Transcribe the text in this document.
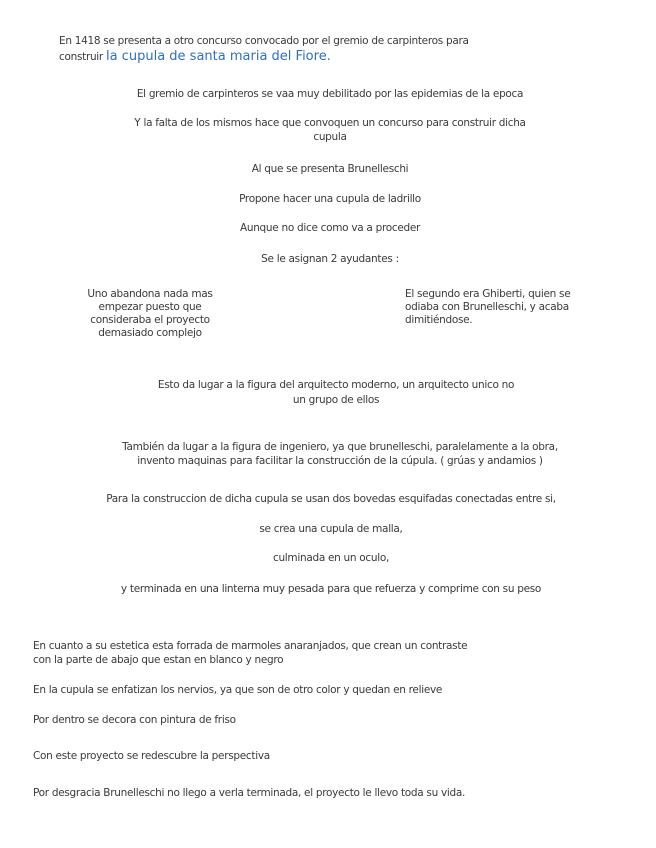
En 1418 se presenta a otro concurso convocado por el gremio de carpinteros para
construir la cupula de santa maria del Fiore.
El gremio de carpinteros se vaa muy debilitado por las epidemias de la epoca
Y la falta de los mismos hace que convoquen un concurso para construir dicha
cupula
Al que se presenta Brunelleschi
Propone hacer una cupula de ladrillo
Aunque no dice como va a proceder
Se le asignan 2 ayudantes :
Uno abandona nada mas
empezar puesto que
consideraba el proyecto
demasiado complejo
El segundo era Ghiberti, quien se
odiaba con Brunelleschi, y acaba
dimitiéndose.
Esto da lugar a la figura del arquitecto moderno, un arquitecto unico no
un grupo de ellos
También da lugar a la figura de ingeniero, ya que brunelleschi, paralelamente a la obra,
invento maquinas para facilitar la construcción de la cúpula. ( grúas y andamios )
Para la construccion de dicha cupula se usan dos bovedas esquifadas conectadas entre si,
se crea una cupula de malla,
culminada en un oculo,
y terminada en una linterna muy pesada para que refuerza y comprime con su peso
En cuanto a su estetica esta forrada de marmoles anaranjados, que crean un contraste
con la parte de abajo que estan en blanco y negro
En la cupula se enfatizan los nervios, ya que son de otro color y quedan en relieve
Por dentro se decora con pintura de friso
Con este proyecto se redescubre la perspectiva
Por desgracia Brunelleschi no llego a verla terminada, el proyecto le llevo toda su vida.
